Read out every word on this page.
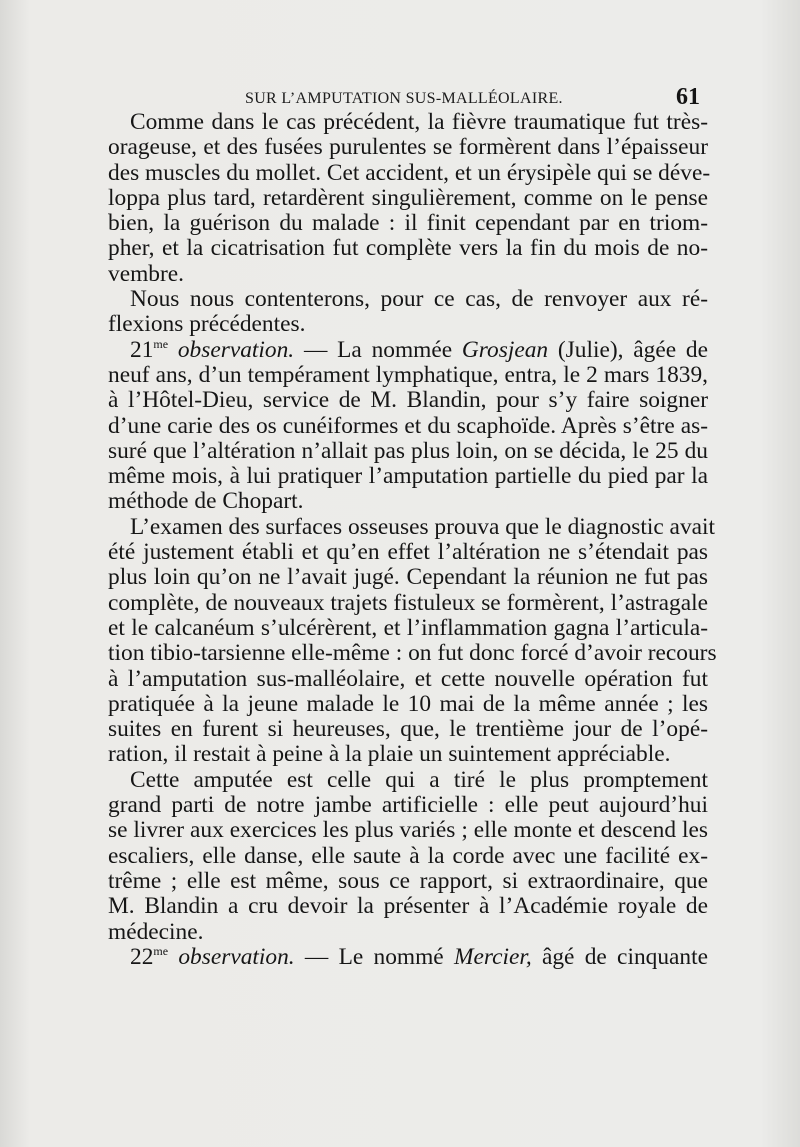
SUR L’AMPUTATION SUS-MALLÉOLAIRE.	61
Comme dans le cas précédent, la fièvre traumatique fut très-
orageuse, et des fusées purulentes se formèrent dans l’épaisseur
des muscles du mollet. Cet accident, et un érysipèle qui se déve-
loppa plus tard, retardèrent singulièrement, comme on le pense
bien, la guérison du malade : il finit cependant par en triom-
pher, et la cicatrisation fut complète vers la fin du mois de no-
vembre.
Nous nous contenterons, pour ce cas, de renvoyer aux ré-
flexions précédentes.
$21^{me}$ observation. — La nommée Grosjean (Julie), âgée de
neuf ans, d’un tempérament lymphatique, entra, le 2 mars 1839,
à l’Hôtel-Dieu, service de M. Blandin, pour s’y faire soigner
d’une carie des os cunéiformes et du scaphoïde. Après s’être as-
suré que l’altération n’allait pas plus loin, on se décida, le 25 du
même mois, à lui pratiquer l’amputation partielle du pied par la
méthode de Chopart.
L’examen des surfaces osseuses prouva que le diagnostic avait
été justement établi et qu’en effet l’altération ne s’étendait pas
plus loin qu’on ne l’avait jugé. Cependant la réunion ne fut pas
complète, de nouveaux trajets fistuleux se formèrent, l’astragale
et le calcanéum s’ulcérèrent, et l’inflammation gagna l’articula-
tion tibio-tarsienne elle-même : on fut donc forcé d’avoir recours
à l’amputation sus-malléolaire, et cette nouvelle opération fut
pratiquée à la jeune malade le 10 mai de la même année ; les
suites en furent si heureuses, que, le trentième jour de l’opé-
ration, il restait à peine à la plaie un suintement appréciable.
Cette amputée est celle qui a tiré le plus promptement
grand parti de notre jambe artificielle : elle peut aujourd’hui
se livrer aux exercices les plus variés ; elle monte et descend les
escaliers, elle danse, elle saute à la corde avec une facilité ex-
trême ; elle est même, sous ce rapport, si extraordinaire, que
M. Blandin a cru devoir la présenter à l’Académie royale de
médecine.
$22^{me}$ observation. — Le nommé Mercier, âgé de cinquante
